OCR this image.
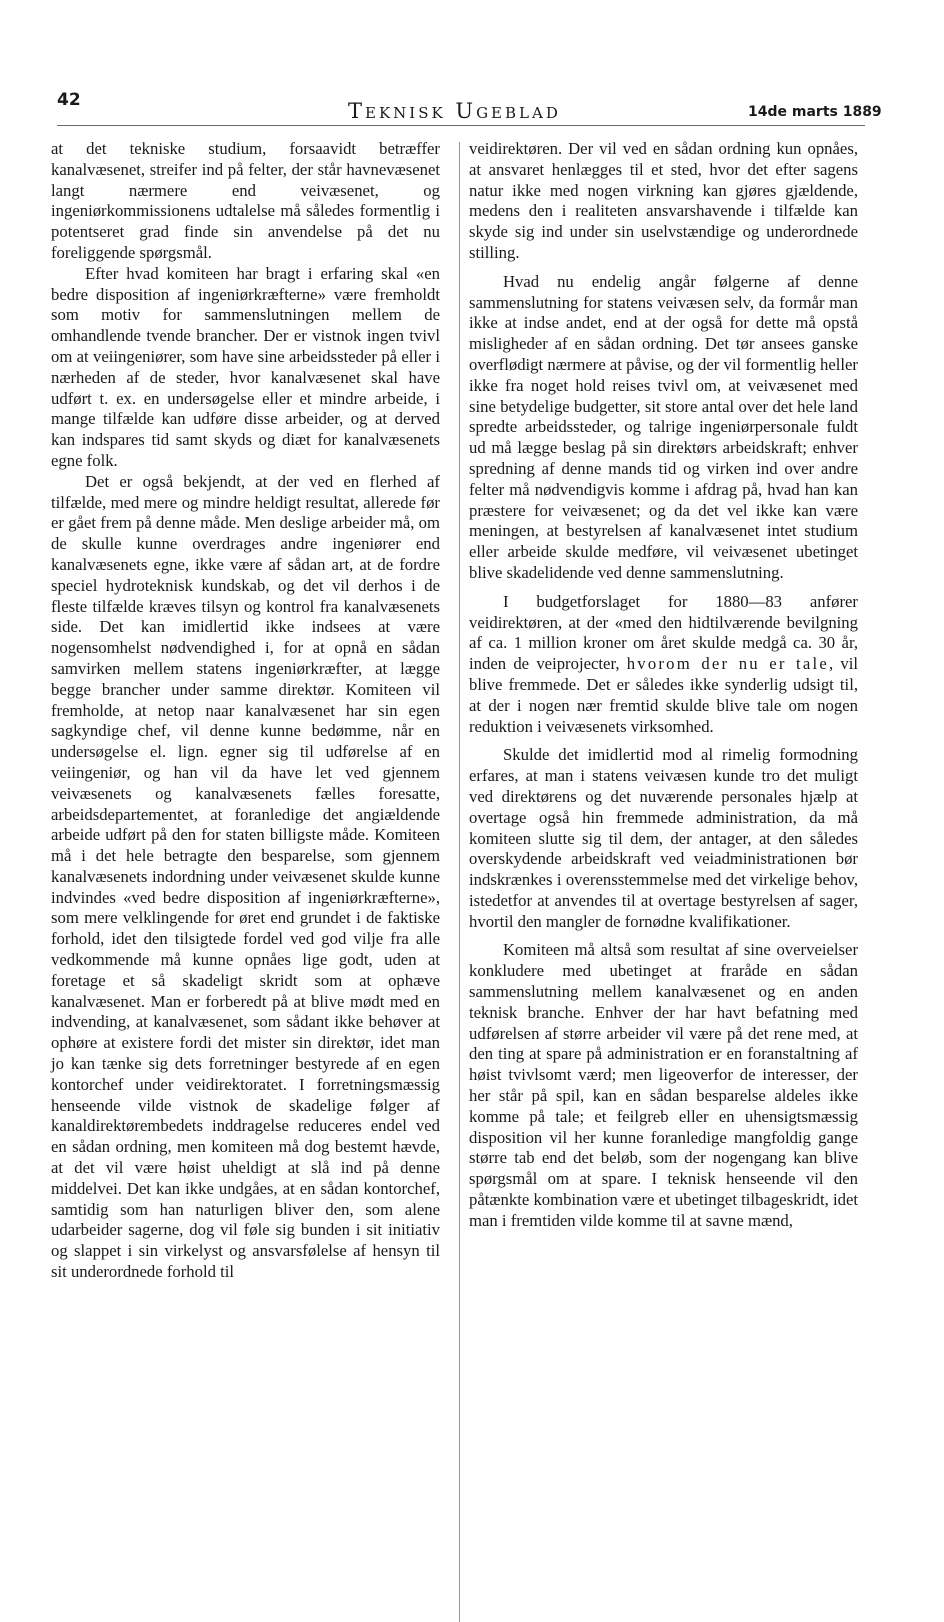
42	Teknisk Ugeblad	14de marts 1889

at det tekniske studium, forsaavidt betræffer kanalvæsenet, streifer ind på felter, der står havnevæsenet langt nærmere end veivæsenet, og ingeniørkommissionens udtalelse må således formentlig i potentseret grad finde sin anvendelse på det nu foreliggende spørgsmål.

Efter hvad komiteen har bragt i erfaring skal «en bedre disposition af ingeniørkræfterne» være fremholdt som motiv for sammenslutningen mellem de omhandlende tvende brancher. Der er vistnok ingen tvivl om at veiingeniører, som have sine arbeidssteder på eller i nærheden af de steder, hvor kanalvæsenet skal have udført t. ex. en undersøgelse eller et mindre arbeide, i mange tilfælde kan udføre disse arbeider, og at derved kan indspares tid samt skyds og diæt for kanalvæsenets egne folk.

Det er også bekjendt, at der ved en flerhed af tilfælde, med mere og mindre heldigt resultat, allerede før er gået frem på denne måde. Men deslige arbeider må, om de skulle kunne overdrages andre ingeniører end kanalvæsenets egne, ikke være af sådan art, at de fordre speciel hydroteknisk kundskab, og det vil derhos i de fleste tilfælde kræves tilsyn og kontrol fra kanalvæsenets side. Det kan imidlertid ikke indsees at være nogensomhelst nødvendighed i, for at opnå en sådan samvirken mellem statens ingeniørkræfter, at lægge begge brancher under samme direktør. Komiteen vil fremholde, at netop naar kanalvæsenet har sin egen sagkyndige chef, vil denne kunne bedømme, når en undersøgelse el. lign. egner sig til udførelse af en veiingeniør, og han vil da have let ved gjennem veivæsenets og kanalvæsenets fælles foresatte, arbeidsdepartementet, at foranledige det angiældende arbeide udført på den for staten billigste måde. Komiteen må i det hele betragte den besparelse, som gjennem kanalvæsenets indordning under veivæsenet skulde kunne indvindes «ved bedre disposition af ingeniørkræfterne», som mere velklingende for øret end grundet i de faktiske forhold, idet den tilsigtede fordel ved god vilje fra alle vedkommende må kunne opnåes lige godt, uden at foretage et så skadeligt skridt som at ophæve kanalvæsenet. Man er forberedt på at blive mødt med en indvending, at kanalvæsenet, som sådant ikke behøver at ophøre at existere fordi det mister sin direktør, idet man jo kan tænke sig dets forretninger bestyrede af en egen kontorchef under veidirektoratet. I forretningsmæssig henseende vilde vistnok de skadelige følger af kanaldirektørembedets inddragelse reduceres endel ved en sådan ordning, men komiteen må dog bestemt hævde, at det vil være høist uheldigt at slå ind på denne middelvei. Det kan ikke undgåes, at en sådan kontorchef, samtidig som han naturligen bliver den, som alene udarbeider sagerne, dog vil føle sig bunden i sit initiativ og slappet i sin virkelyst og ansvarsfølelse af hensyn til sit underordnede forhold til

veidirektøren. Der vil ved en sådan ordning kun opnåes, at ansvaret henlægges til et sted, hvor det efter sagens natur ikke med nogen virkning kan gjøres gjældende, medens den i realiteten ansvarshavende i tilfælde kan skyde sig ind under sin uselvstændige og underordnede stilling.

Hvad nu endelig angår følgerne af denne sammenslutning for statens veivæsen selv, da formår man ikke at indse andet, end at der også for dette må opstå misligheder af en sådan ordning. Det tør ansees ganske overflødigt nærmere at påvise, og der vil formentlig heller ikke fra noget hold reises tvivl om, at veivæsenet med sine betydelige budgetter, sit store antal over det hele land spredte arbeidssteder, og talrige ingeniørpersonale fuldt ud må lægge beslag på sin direktørs arbeidskraft; enhver spredning af denne mands tid og virken ind over andre felter må nødvendigvis komme i afdrag på, hvad han kan præstere for veivæsenet; og da det vel ikke kan være meningen, at bestyrelsen af kanalvæsenet intet studium eller arbeide skulde medføre, vil veivæsenet ubetinget blive skadelidende ved denne sammenslutning.

I budgetforslaget for 1880—83 anfører veidirektøren, at der «med den hidtilværende bevilgning af ca. 1 million kroner om året skulde medgå ca. 30 år, inden de veiprojecter, hvorom der nu er tale, vil blive fremmede. Det er således ikke synderlig udsigt til, at der i nogen nær fremtid skulde blive tale om nogen reduktion i veivæsenets virksomhed.

Skulde det imidlertid mod al rimelig formodning erfares, at man i statens veivæsen kunde tro det muligt ved direktørens og det nuværende personales hjælp at overtage også hin fremmede administration, da må komiteen slutte sig til dem, der antager, at den således overskydende arbeidskraft ved veiadministrationen bør indskrænkes i overensstemmelse med det virkelige behov, istedetfor at anvendes til at overtage bestyrelsen af sager, hvortil den mangler de fornødne kvalifikationer.

Komiteen må altså som resultat af sine overveielser konkludere med ubetinget at fraråde en sådan sammenslutning mellem kanalvæsenet og en anden teknisk branche. Enhver der har havt befatning med udførelsen af større arbeider vil være på det rene med, at den ting at spare på administration er en foranstaltning af høist tvivlsomt værd; men ligeoverfor de interesser, der her står på spil, kan en sådan besparelse aldeles ikke komme på tale; et feilgreb eller en uhensigtsmæssig disposition vil her kunne foranledige mangfoldig gange større tab end det beløb, som der nogengang kan blive spørgsmål om at spare. I teknisk henseende vil den påtænkte kombination være et ubetinget tilbageskridt, idet man i fremtiden vilde komme til at savne mænd,
